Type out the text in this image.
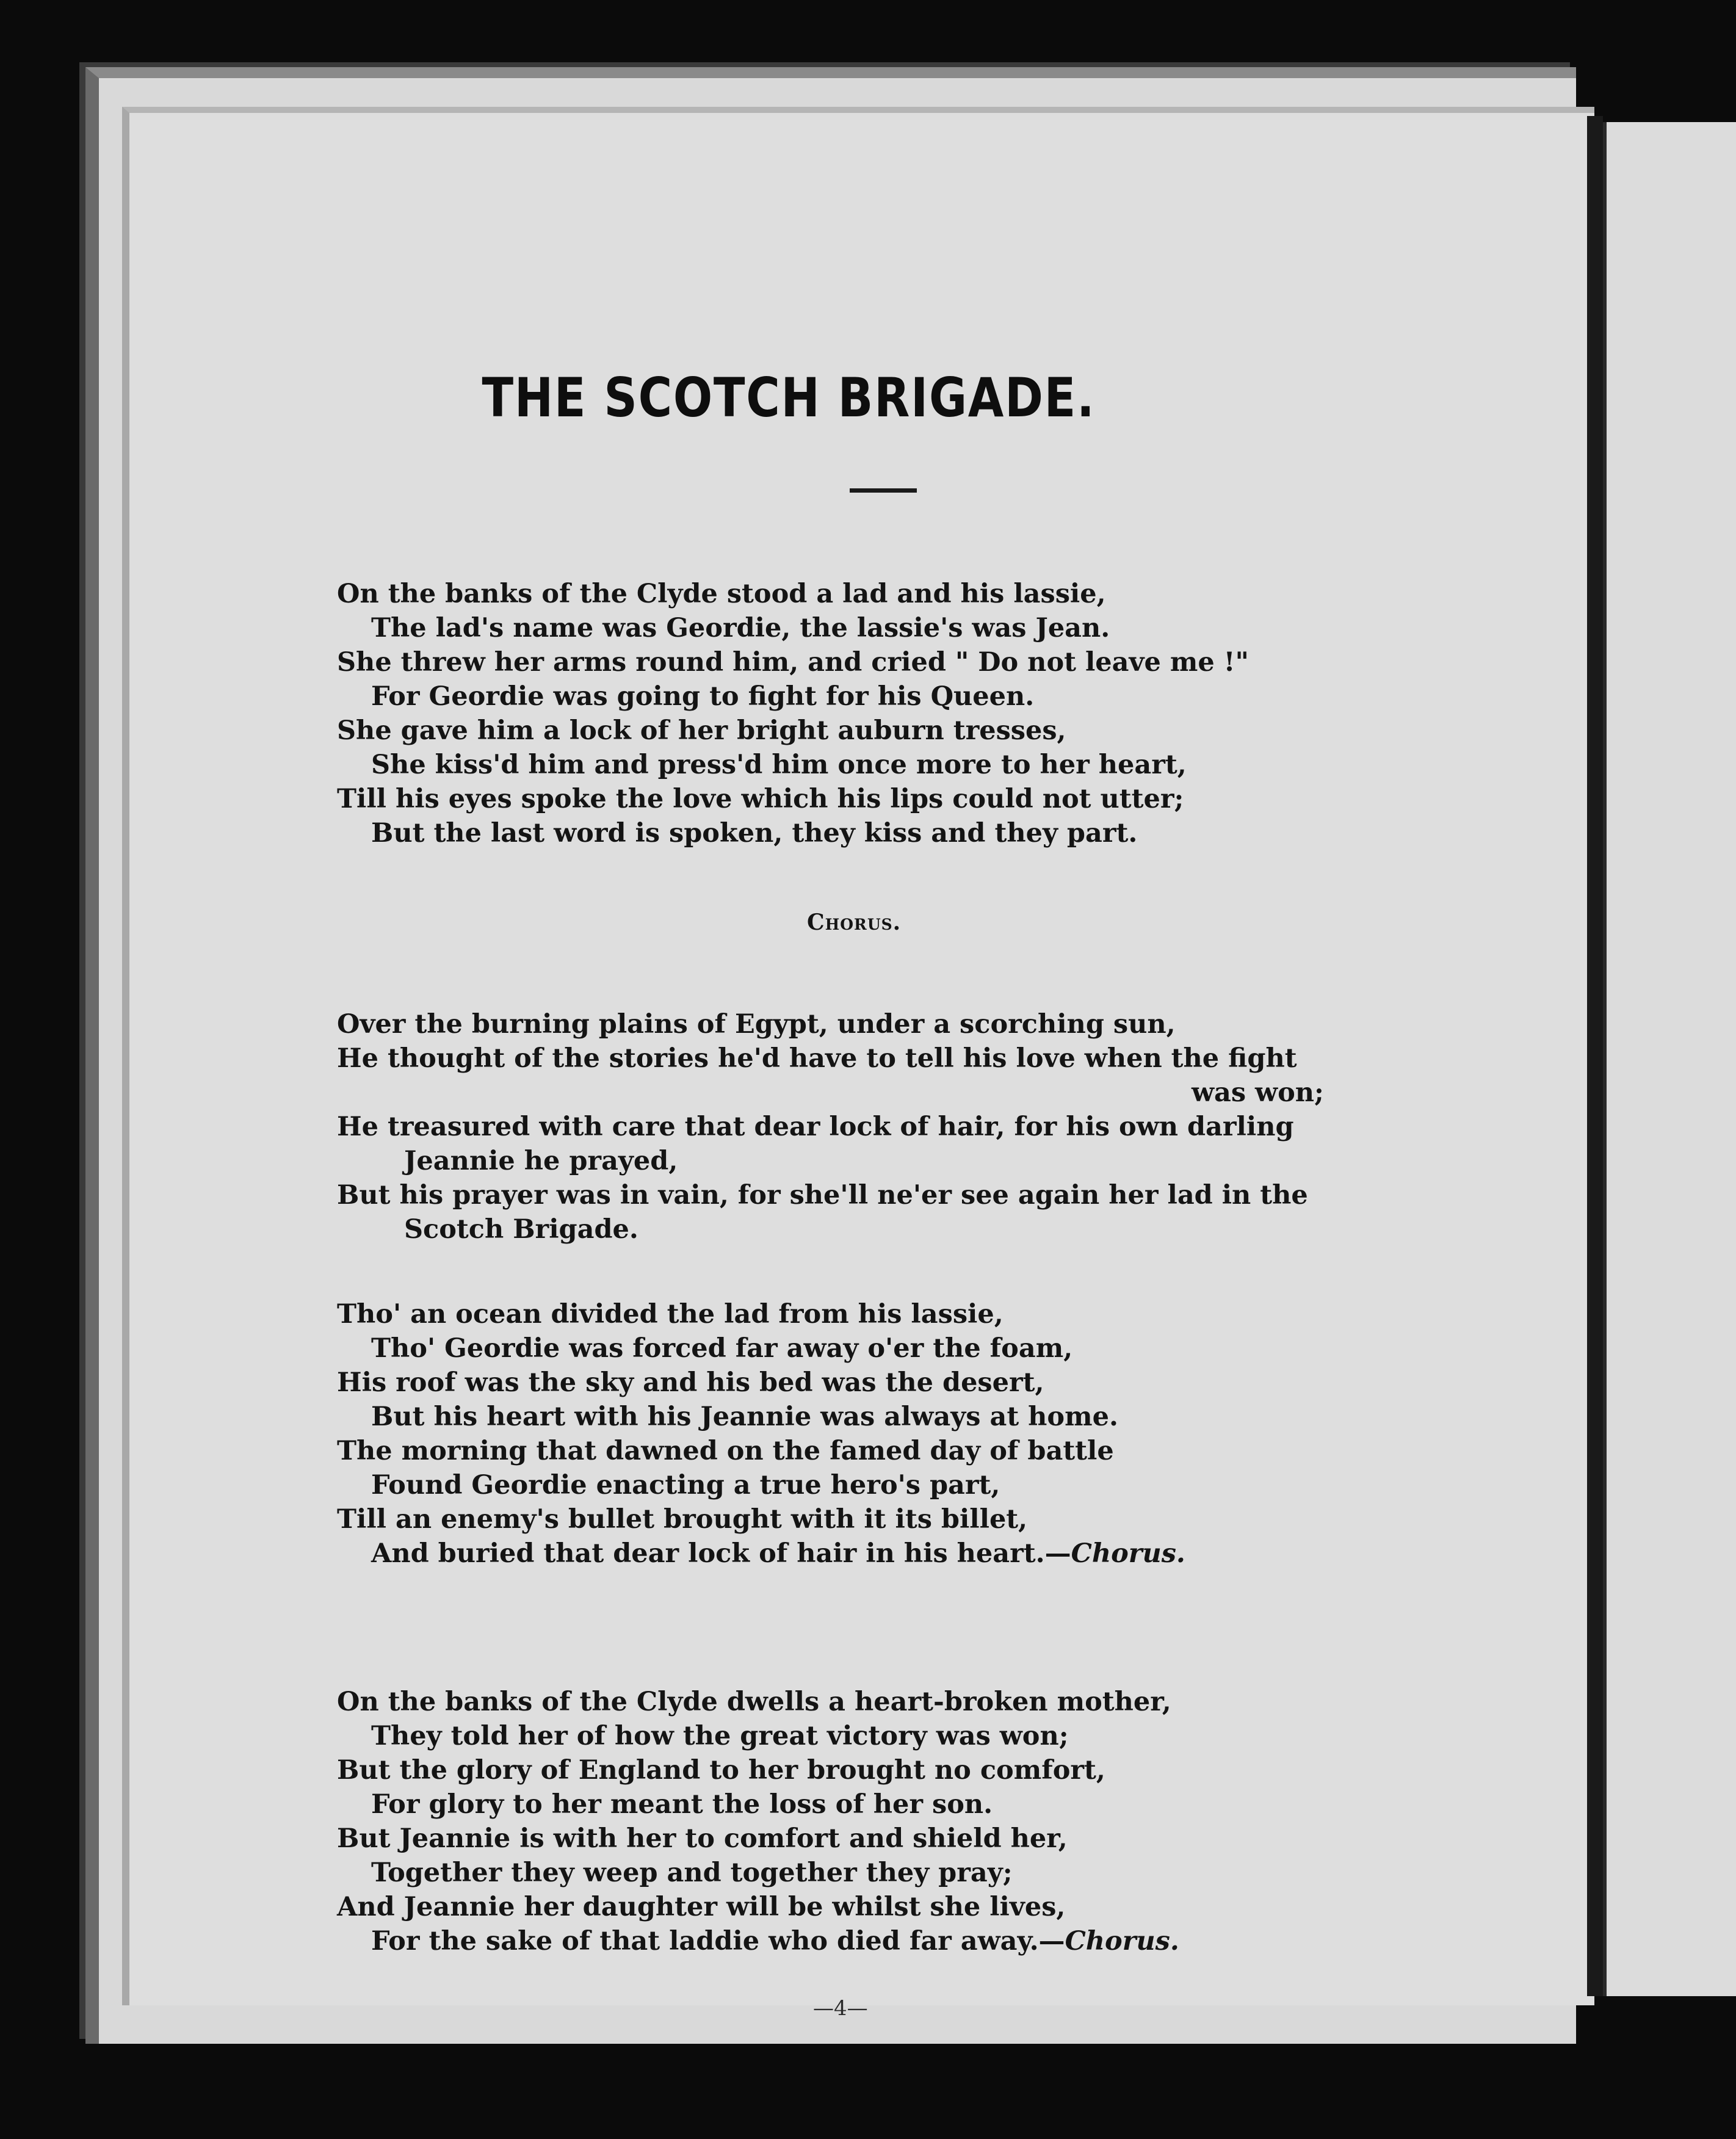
THE SCOTCH BRIGADE.
On the banks of the Clyde stood a lad and his lassie,
The lad's name was Geordie, the lassie's was Jean.
She threw her arms round him, and cried " Do not leave me !"
For Geordie was going to fight for his Queen.
She gave him a lock of her bright auburn tresses,
She kiss'd him and press'd him once more to her heart,
Till his eyes spoke the love which his lips could not utter;
But the last word is spoken, they kiss and they part.
Chorus.
Over the burning plains of Egypt, under a scorching sun,
He thought of the stories he'd have to tell his love when the fight
was won;
He treasured with care that dear lock of hair, for his own darling
Jeannie he prayed,
But his prayer was in vain, for she'll ne'er see again her lad in the
Scotch Brigade.
Tho' an ocean divided the lad from his lassie,
Tho' Geordie was forced far away o'er the foam,
His roof was the sky and his bed was the desert,
But his heart with his Jeannie was always at home.
The morning that dawned on the famed day of battle
Found Geordie enacting a true hero's part,
Till an enemy's bullet brought with it its billet,
And buried that dear lock of hair in his heart.—Chorus.
On the banks of the Clyde dwells a heart-broken mother,
They told her of how the great victory was won;
But the glory of England to her brought no comfort,
For glory to her meant the loss of her son.
But Jeannie is with her to comfort and shield her,
Together they weep and together they pray;
And Jeannie her daughter will be whilst she lives,
For the sake of that laddie who died far away.—Chorus.
—4—
